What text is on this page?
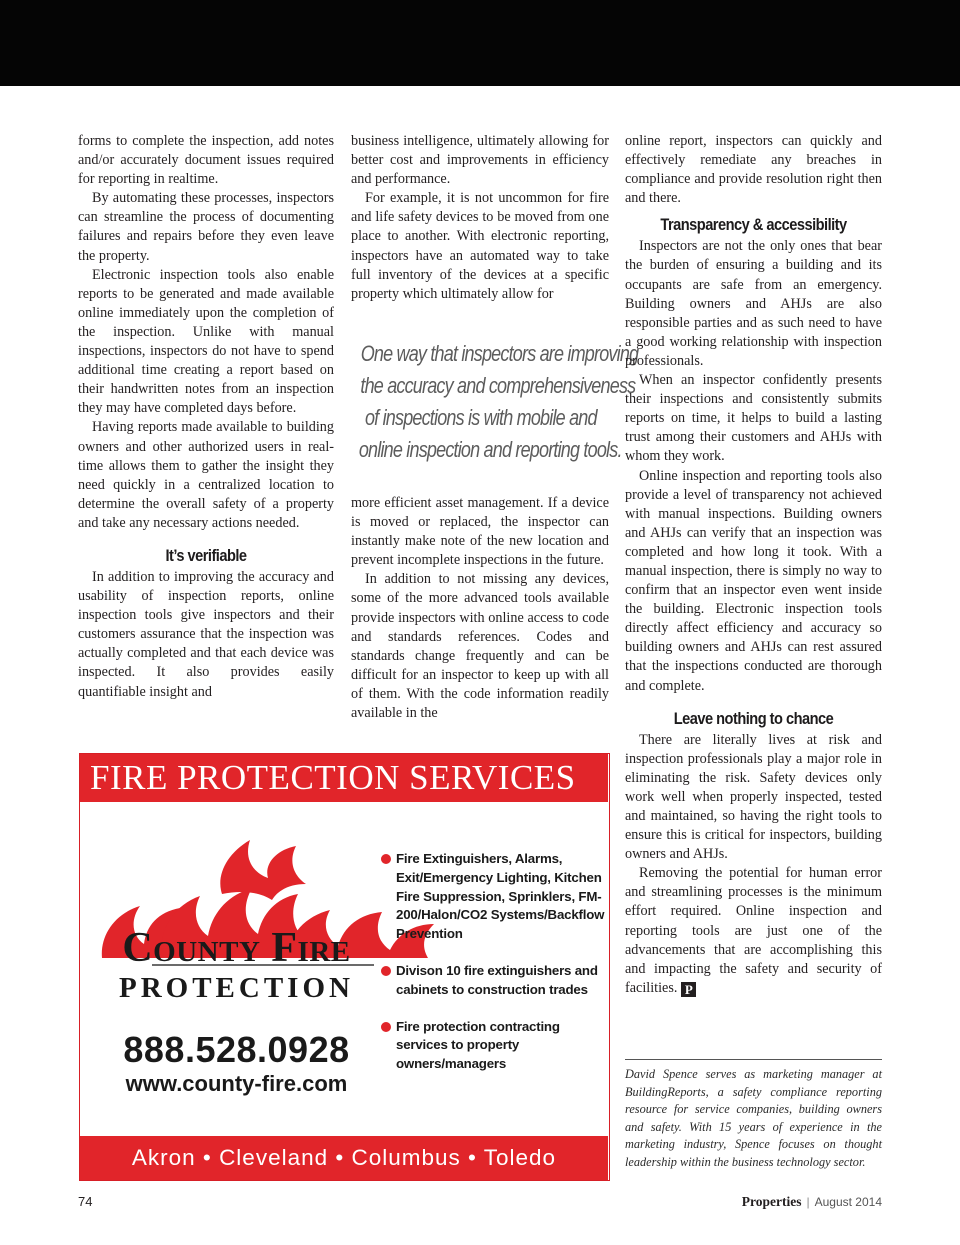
forms to complete the inspection, add notes and/or accurately document issues required for reporting in realtime.

By automating these processes, inspectors can streamline the process of documenting failures and repairs before they even leave the property.

Electronic inspection tools also enable reports to be generated and made available online immediately upon the completion of the inspection. Unlike with manual inspections, inspectors do not have to spend additional time creating a report based on their handwritten notes from an inspection they may have completed days before.

Having reports made available to building owners and other authorized users in real-time allows them to gather the insight they need quickly in a centralized location to determine the overall safety of a property and take any necessary actions needed.

It’s verifiable

In addition to improving the accuracy and usability of inspection reports, online inspection tools give inspectors and their customers assurance that the inspection was actually completed and that each device was inspected. It also provides easily quantifiable insight and

business intelligence, ultimately allowing for better cost and improvements in efficiency and performance.

For example, it is not uncommon for fire and life safety devices to be moved from one place to another. With electronic reporting, inspectors have an automated way to take full inventory of the devices at a specific property which ultimately allow for

One way that inspectors are improving
the accuracy and comprehensiveness
of inspections is with mobile and
online inspection and reporting tools.

more efficient asset management. If a device is moved or replaced, the inspector can instantly make note of the new location and prevent incomplete inspections in the future.

In addition to not missing any devices, some of the more advanced tools available provide inspectors with online access to code and standards references. Codes and standards change frequently and can be difficult for an inspector to keep up with all of them. With the code information readily available in the

online report, inspectors can quickly and effectively remediate any breaches in compliance and provide resolution right then and there.

Transparency & accessibility

Inspectors are not the only ones that bear the burden of ensuring a building and its occupants are safe from an emergency. Building owners and AHJs are also responsible parties and as such need to have a good working relationship with inspection professionals.

When an inspector confidently presents their inspections and consistently submits reports on time, it helps to build a lasting trust among their customers and AHJs with whom they work.

Online inspection and reporting tools also provide a level of transparency not achieved with manual inspections. Building owners and AHJs can verify that an inspection was completed and how long it took. With a manual inspection, there is simply no way to confirm that an inspector even went inside the building. Electronic inspection tools directly affect efficiency and accuracy so building owners and AHJs can rest assured that the inspections conducted are thorough and complete.

Leave nothing to chance

There are literally lives at risk and inspection professionals play a major role in eliminating the risk. Safety devices only work well when properly inspected, tested and maintained, so having the right tools to ensure this is critical for inspectors, building owners and AHJs.

Removing the potential for human error and streamlining processes is the minimum effort required. Online inspection and reporting tools are just one of the advancements that are accomplishing this and impacting the safety and security of facilities. P

David Spence serves as marketing manager at BuildingReports, a safety compliance reporting resource for service companies, building owners and safety. With 15 years of experience in the marketing industry, Spence focuses on thought leadership within the business technology sector.
FIRE PROTECTION SERVICES
County Fire
PROTECTION
888.528.0928
www.county-fire.com
Fire Extinguishers, Alarms, Exit/Emergency Lighting, Kitchen Fire Suppression, Sprinklers, FM-200/Halon/CO2 Systems/Backflow Prevention
Divison 10 fire extinguishers and cabinets to construction trades
Fire protection contracting services to property owners/managers
Akron • Cleveland • Columbus • Toledo
74	Properties | August 2014
